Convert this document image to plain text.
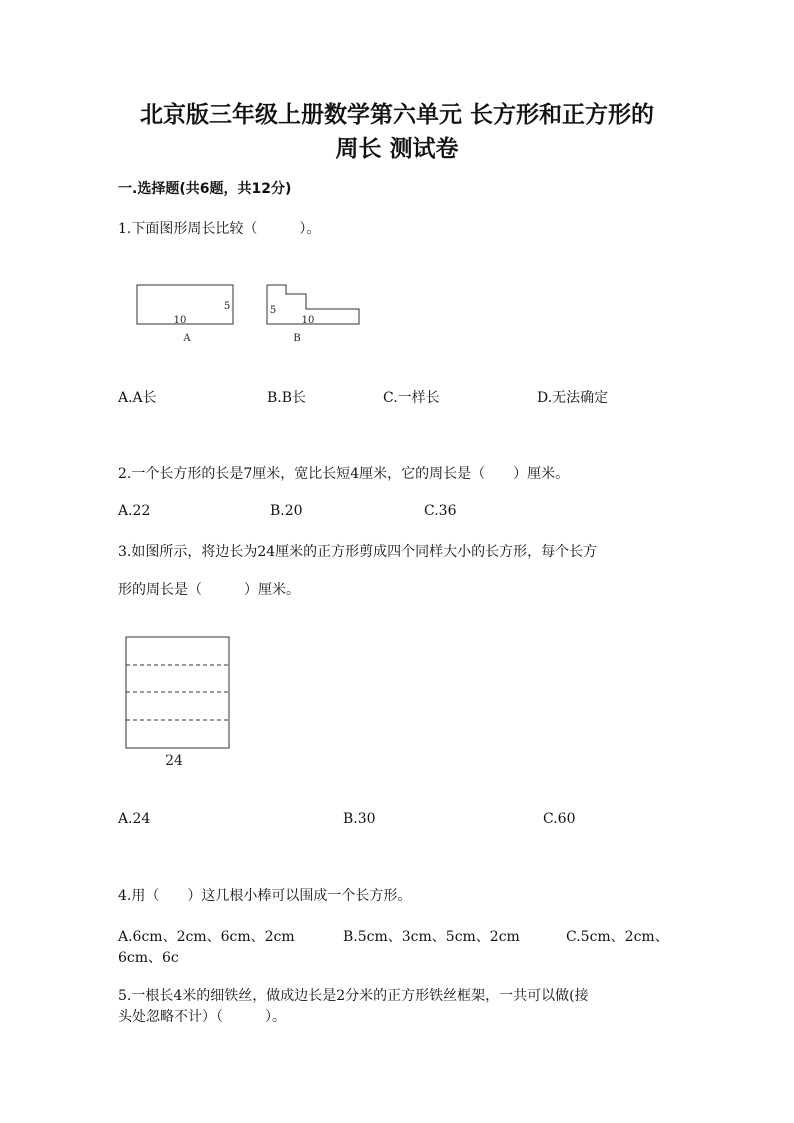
北京版三年级上册数学第六单元 长方形和正方形的
周长 测试卷
一.选择题(共6题，共12分)
1.下面图形周长比较（　　　）。
10
5
A
5
10
B
A.A长	B.B长	C.一样长	D.无法确定
2.一个长方形的长是7厘米，宽比长短4厘米，它的周长是（　　）厘米。
A.22	B.20	C.36
3.如图所示，将边长为24厘米的正方形剪成四个同样大小的长方形，每个长方
形的周长是（　　　）厘米。
24
A.24	B.30	C.60
4.用（　　）这几根小棒可以围成一个长方形。
A.6cm、2cm、6cm、2cm	B.5cm、3cm、5cm、2cm	C.5cm、2cm、
6cm、6c
5.一根长4米的细铁丝，做成边长是2分米的正方形铁丝框架，一共可以做(接
头处忽略不计）（　　　）。
